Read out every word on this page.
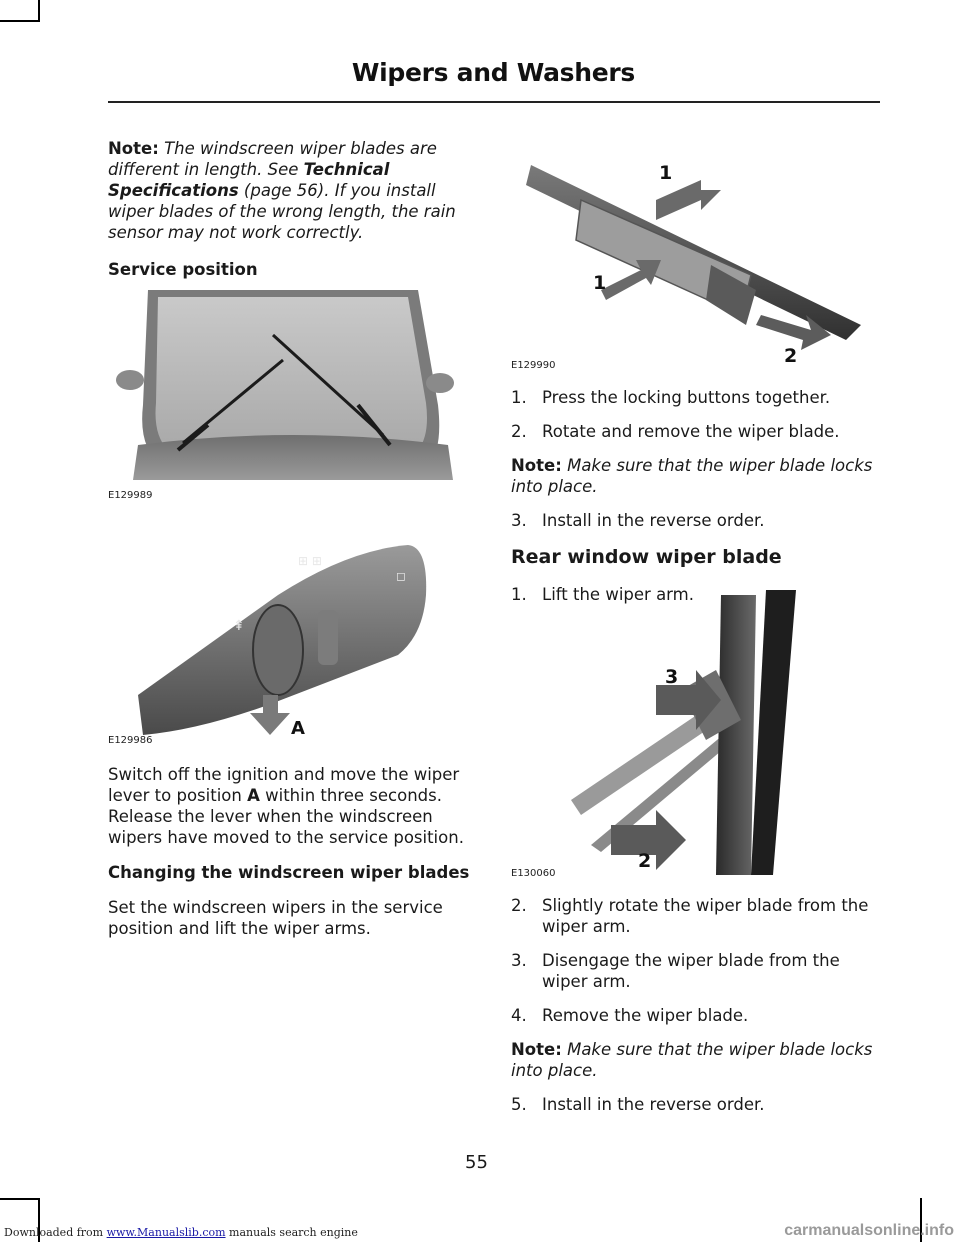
Wipers and Washers

Note: The windscreen wiper blades are different in length. See Technical Specifications (page 56). If you install wiper blades of the wrong length, the rain sensor may not work correctly.

Service position

E129989
⇞
⊞ ⊞
◻
A
E129986

Switch off the ignition and move the wiper lever to position A within three seconds. Release the lever when the windscreen wipers have moved to the service position.

Changing the windscreen wiper blades

Set the windscreen wipers in the service position and lift the wiper arms.

1
1
2
E129990

1. Press the locking buttons together.

2. Rotate and remove the wiper blade.

Note: Make sure that the wiper blade locks into place.

3. Install in the reverse order.

Rear window wiper blade

1. Lift the wiper arm.

3
2
E130060

2. Slightly rotate the wiper blade from the wiper arm.

3. Disengage the wiper blade from the wiper arm.

4. Remove the wiper blade.

Note: Make sure that the wiper blade locks into place.

5. Install in the reverse order.

55
Downloaded from www.Manualslib.com manuals search engine	carmanualsonline.info
